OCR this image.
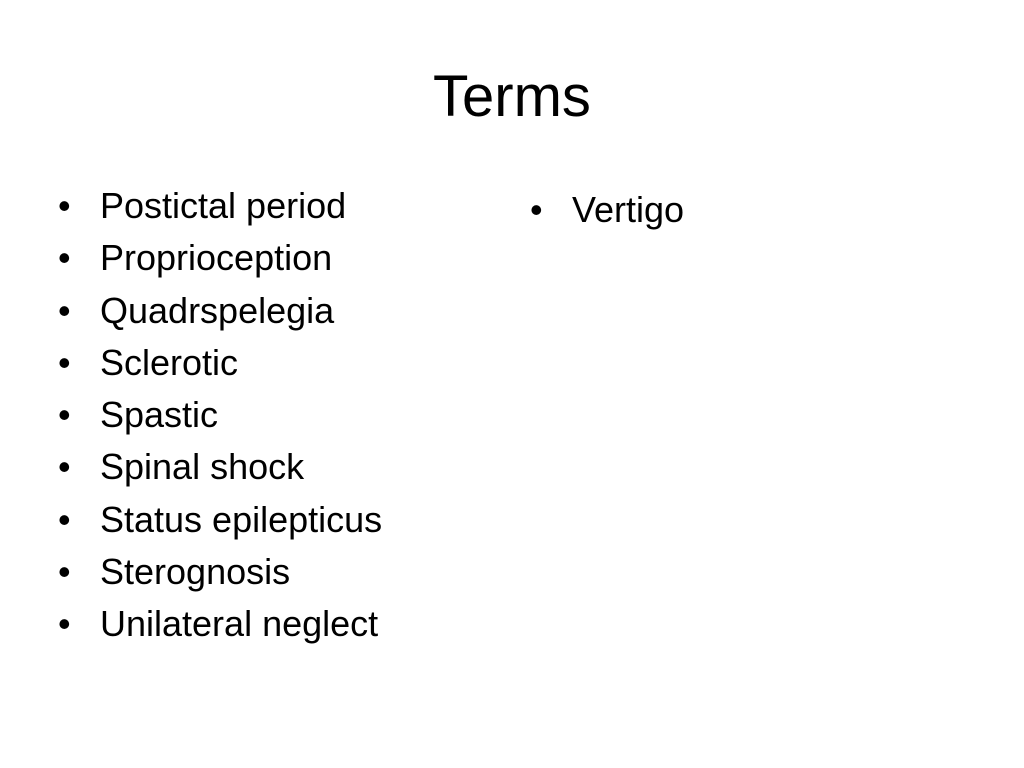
Terms
• Postictal period
• Proprioception
• Quadrspelegia
• Sclerotic
• Spastic
• Spinal shock
• Status epilepticus
• Sterognosis
• Unilateral neglect
• Vertigo
